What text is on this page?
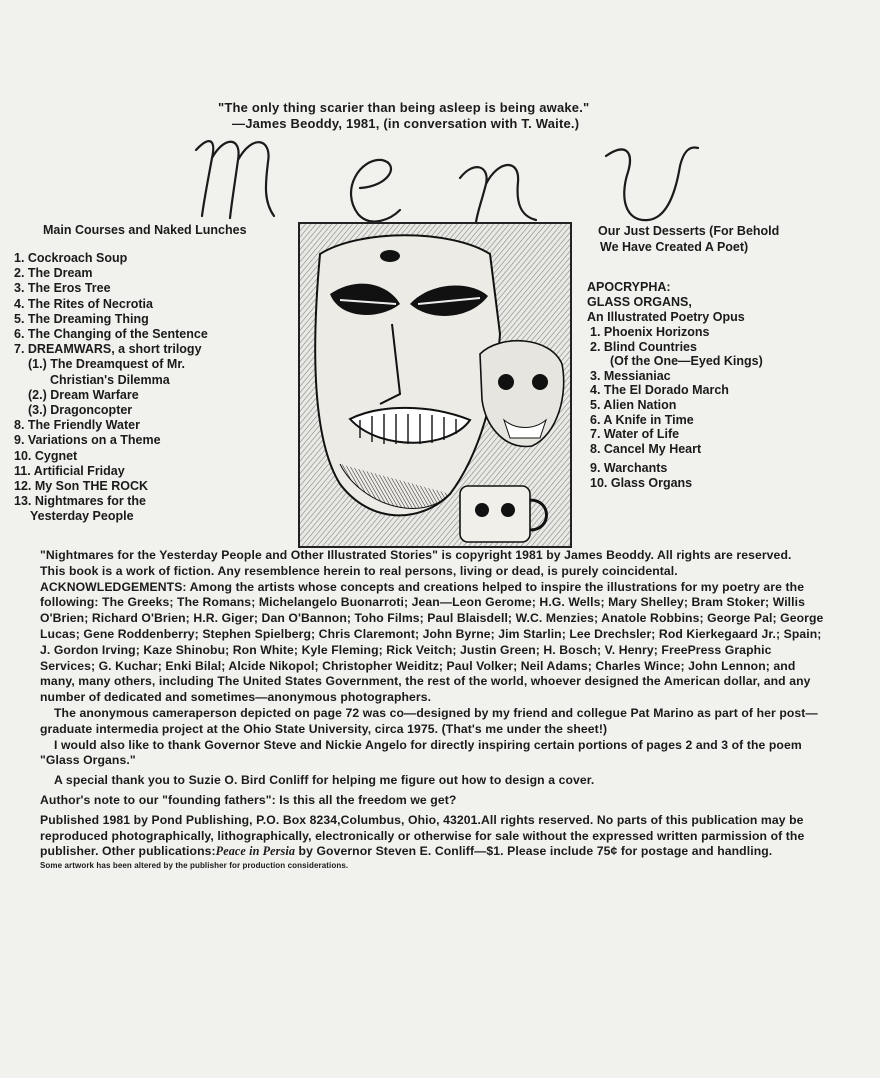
"The only thing scarier than being asleep is being awake."
—James Beoddy, 1981, (in conversation with T. Waite.)
MENU
Main Courses and Naked Lunches
1. Cockroach Soup
2. The Dream
3. The Eros Tree
4. The Rites of Necrotia
5. The Dreaming Thing
6. The Changing of the Sentence
7. DREAMWARS, a short trilogy
(1.) The Dreamquest of Mr.
Christian's Dilemma
(2.) Dream Warfare
(3.) Dragoncopter
8. The Friendly Water
9. Variations on a Theme
10. Cygnet
11. Artificial Friday
12. My Son THE ROCK
13. Nightmares for the
Yesterday People
Our Just Desserts (For Behold
We Have Created A Poet)
APOCRYPHA:
GLASS ORGANS,
An Illustrated Poetry Opus
1. Phoenix Horizons
2. Blind Countries
(Of the One—Eyed Kings)
3. Messianiac
4. The El Dorado March
5. Alien Nation
6. A Knife in Time
7. Water of Life
8. Cancel My Heart
9. Warchants
10. Glass Organs

"Nightmares for the Yesterday People and Other Illustrated Stories" is copyright 1981 by James Beoddy. All rights are reserved.

This book is a work of fiction. Any resemblence herein to real persons, living or dead, is purely coincidental.

ACKNOWLEDGEMENTS: Among the artists whose concepts and creations helped to inspire the illustrations for my poetry are the following: The Greeks; The Romans; Michelangelo Buonarroti; Jean—Leon Gerome; H.G. Wells; Mary Shelley; Bram Stoker; Willis O'Brien; Richard O'Brien; H.R. Giger; Dan O'Bannon; Toho Films; Paul Blaisdell; W.C. Menzies; Anatole Robbins; George Pal; George Lucas; Gene Roddenberry; Stephen Spielberg; Chris Claremont; John Byrne; Jim Starlin; Lee Drechsler; Rod Kierkegaard Jr.; Spain; J. Gordon Irving; Kaze Shinobu; Ron White; Kyle Fleming; Rick Veitch; Justin Green; H. Bosch; V. Henry; FreePress Graphic Services; G. Kuchar; Enki Bilal; Alcide Nikopol; Christopher Weiditz; Paul Volker; Neil Adams; Charles Wince; John Lennon; and many, many others, including The United States Government, the rest of the world, whoever designed the American dollar, and any number of dedicated and sometimes—anonymous photographers.

The anonymous cameraperson depicted on page 72 was co—designed by my friend and collegue Pat Marino as part of her post—graduate intermedia project at the Ohio State University, circa 1975. (That's me under the sheet!)

I would also like to thank Governor Steve and Nickie Angelo for directly inspiring certain portions of pages 2 and 3 of the poem "Glass Organs."

A special thank you to Suzie O. Bird Conliff for helping me figure out how to design a cover.

Author's note to our "founding fathers": Is this all the freedom we get?

Published 1981 by Pond Publishing, P.O. Box 8234,Columbus, Ohio, 43201.All rights reserved. No parts of this publication may be reproduced photographically, lithographically, electronically or otherwise for sale without the expressed written parmission of the publisher. Other publications:Peace in Persia by Governor Steven E. Conliff—$1. Please include 75¢ for postage and handling.

Some artwork has been altered by the publisher for production considerations.
